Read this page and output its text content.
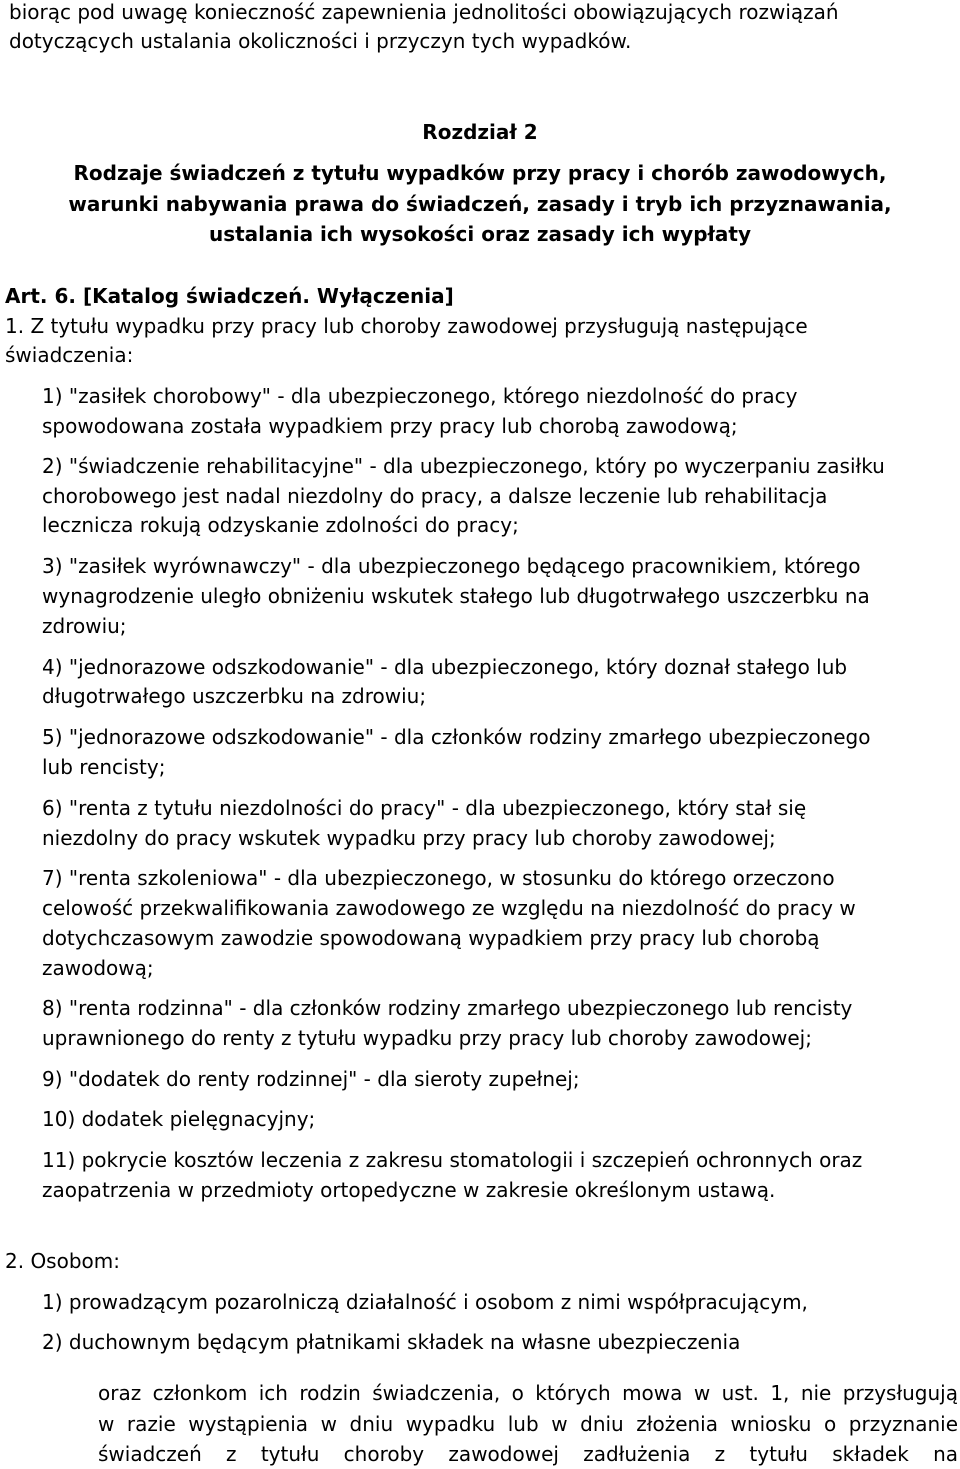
biorąc pod uwagę konieczność zapewnienia jednolitości obowiązujących rozwiązań

dotyczących ustalania okoliczności i przyczyn tych wypadków.

Rozdział 2

Rodzaje świadczeń z tytułu wypadków przy pracy i chorób zawodowych,

warunki nabywania prawa do świadczeń, zasady i tryb ich przyznawania,

ustalania ich wysokości oraz zasady ich wypłaty

Art. 6. [Katalog świadczeń. Wyłączenia]

1. Z tytułu wypadku przy pracy lub choroby zawodowej przysługują następujące

świadczenia:

1) "zasiłek chorobowy" - dla ubezpieczonego, którego niezdolność do pracy

spowodowana została wypadkiem przy pracy lub chorobą zawodową;

2) "świadczenie rehabilitacyjne" - dla ubezpieczonego, który po wyczerpaniu zasiłku

chorobowego jest nadal niezdolny do pracy, a dalsze leczenie lub rehabilitacja

lecznicza rokują odzyskanie zdolności do pracy;

3) "zasiłek wyrównawczy" - dla ubezpieczonego będącego pracownikiem, którego

wynagrodzenie uległo obniżeniu wskutek stałego lub długotrwałego uszczerbku na

zdrowiu;

4) "jednorazowe odszkodowanie" - dla ubezpieczonego, który doznał stałego lub

długotrwałego uszczerbku na zdrowiu;

5) "jednorazowe odszkodowanie" - dla członków rodziny zmarłego ubezpieczonego

lub rencisty;

6) "renta z tytułu niezdolności do pracy" - dla ubezpieczonego, który stał się

niezdolny do pracy wskutek wypadku przy pracy lub choroby zawodowej;

7) "renta szkoleniowa" - dla ubezpieczonego, w stosunku do którego orzeczono

celowość przekwalifikowania zawodowego ze względu na niezdolność do pracy w

dotychczasowym zawodzie spowodowaną wypadkiem przy pracy lub chorobą

zawodową;

8) "renta rodzinna" - dla członków rodziny zmarłego ubezpieczonego lub rencisty

uprawnionego do renty z tytułu wypadku przy pracy lub choroby zawodowej;

9) "dodatek do renty rodzinnej" - dla sieroty zupełnej;

10) dodatek pielęgnacyjny;

11) pokrycie kosztów leczenia z zakresu stomatologii i szczepień ochronnych oraz

zaopatrzenia w przedmioty ortopedyczne w zakresie określonym ustawą.

2. Osobom:

1) prowadzącym pozarolniczą działalność i osobom z nimi współpracującym,

2) duchownym będącym płatnikami składek na własne ubezpieczenia

oraz członkom ich rodzin świadczenia, o których mowa w ust. 1, nie przysługują

w razie wystąpienia w dniu wypadku lub w dniu złożenia wniosku o przyznanie

świadczeń z tytułu choroby zawodowej zadłużenia z tytułu składek na
